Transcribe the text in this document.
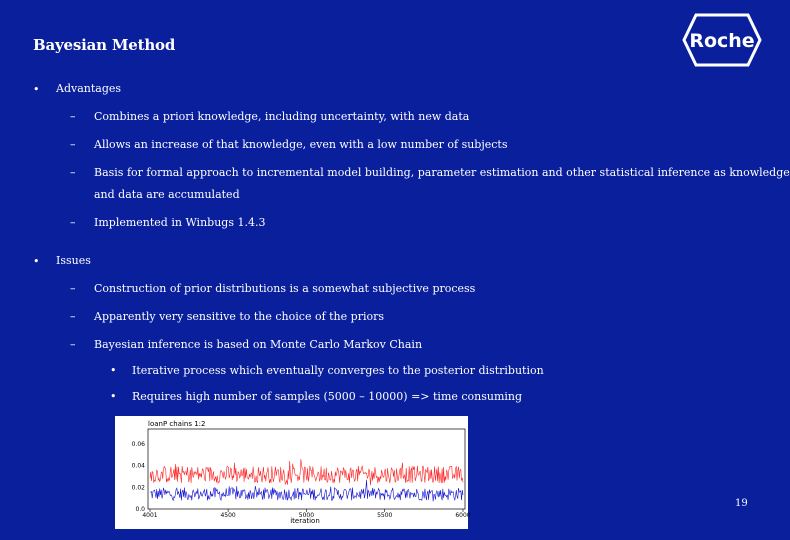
Bayesian Method	Roche
• Advantages
– Combines a priori knowledge, including uncertainty, with new data
– Allows an increase of that knowledge, even with a low number of subjects
– Basis for formal approach to incremental model building, parameter estimation and other statistical inference as knowledge
and data are accumulated
– Implemented in Winbugs 1.4.3
• Issues
– Construction of prior distributions is a somewhat subjective process
– Apparently very sensitive to the choice of the priors
– Bayesian inference is based on Monte Carlo Markov Chain
• Iterative process which eventually converges to the posterior distribution
• Requires high number of samples (5000 – 10000) => time consuming
loanP chains 1:2
0.0
0.02
0.04
0.06
4001	4500	5000	5500	6000
iteration
19
